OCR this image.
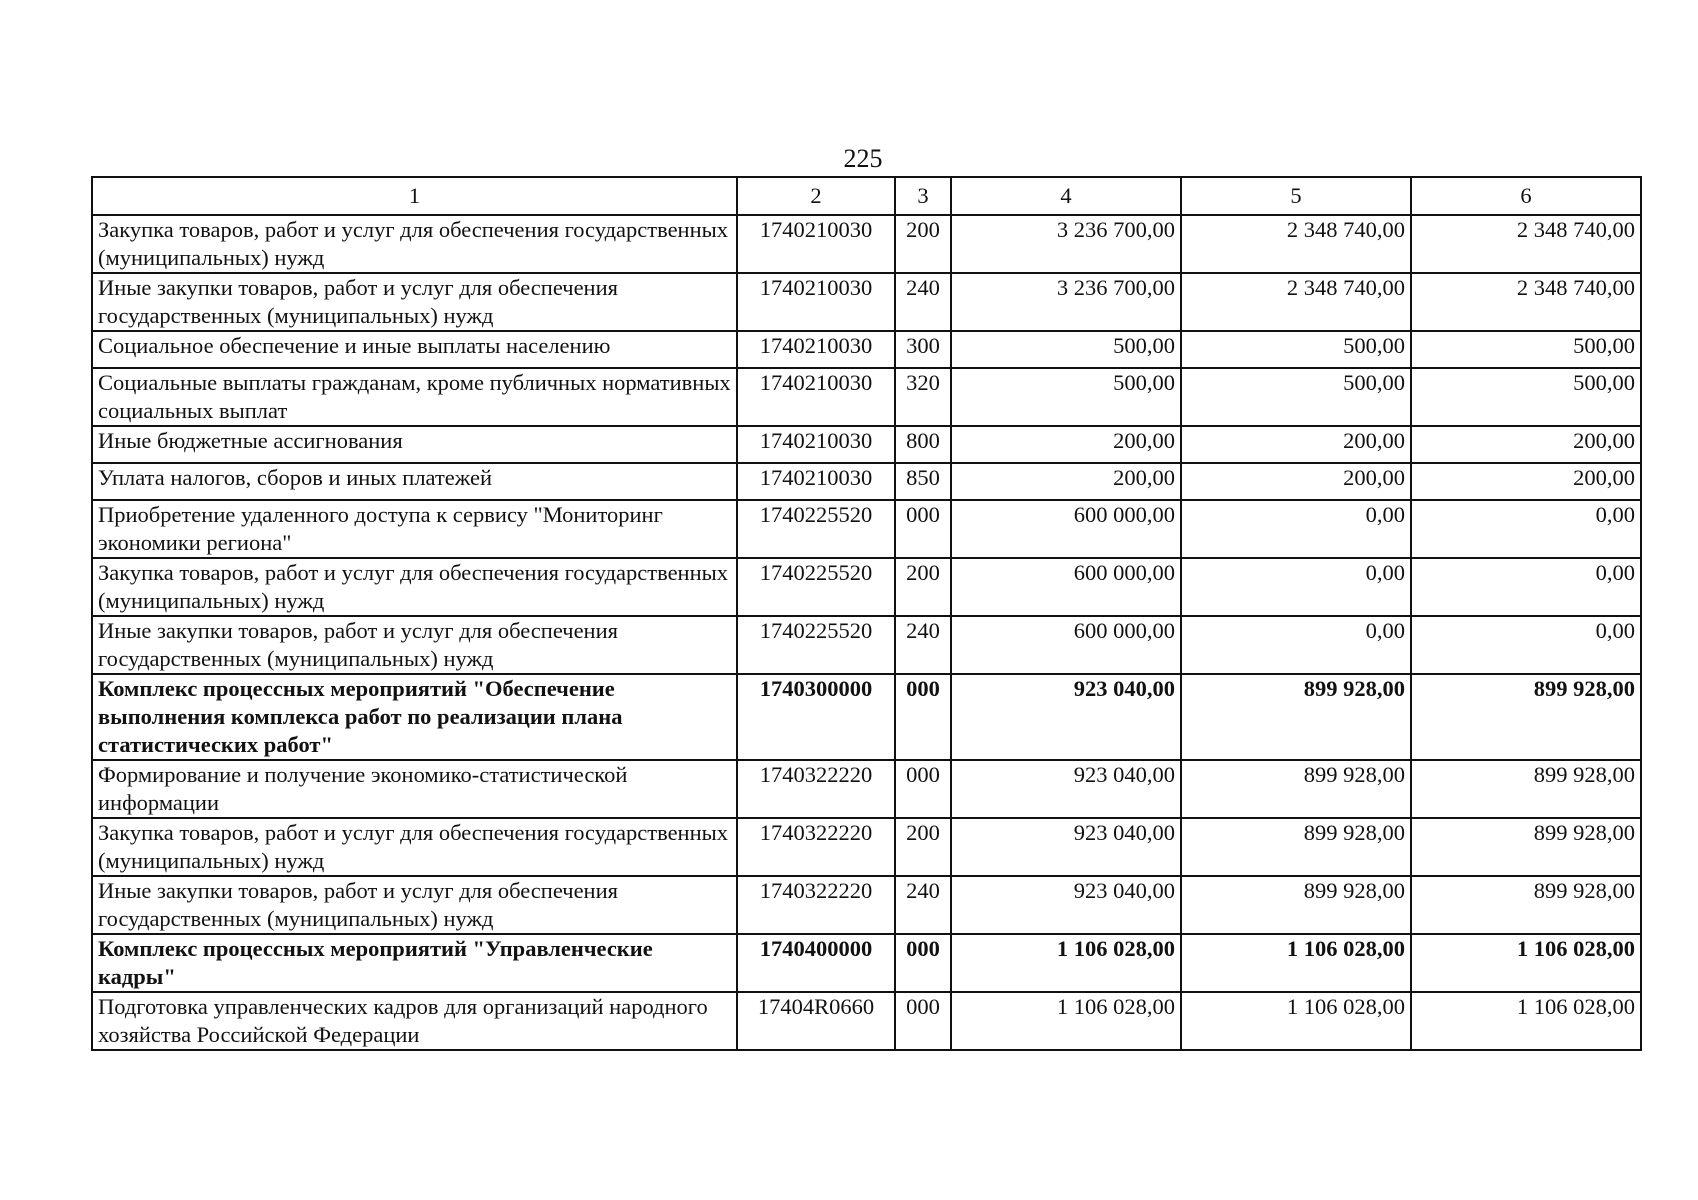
225
1	2	3	4	5	6
Закупка товаров, работ и услуг для обеспечения государственных (муниципальных) нужд	1740210030	200	3 236 700,00	2 348 740,00	2 348 740,00
Иные закупки товаров, работ и услуг для обеспечения государственных (муниципальных) нужд	1740210030	240	3 236 700,00	2 348 740,00	2 348 740,00
Социальное обеспечение и иные выплаты населению	1740210030	300	500,00	500,00	500,00
Социальные выплаты гражданам, кроме публичных нормативных социальных выплат	1740210030	320	500,00	500,00	500,00
Иные бюджетные ассигнования	1740210030	800	200,00	200,00	200,00
Уплата налогов, сборов и иных платежей	1740210030	850	200,00	200,00	200,00
Приобретение удаленного доступа к сервису "Мониторинг экономики региона"	1740225520	000	600 000,00	0,00	0,00
Закупка товаров, работ и услуг для обеспечения государственных (муниципальных) нужд	1740225520	200	600 000,00	0,00	0,00
Иные закупки товаров, работ и услуг для обеспечения государственных (муниципальных) нужд	1740225520	240	600 000,00	0,00	0,00
Комплекс процессных мероприятий "Обеспечение выполнения комплекса работ по реализации плана статистических работ"	1740300000	000	923 040,00	899 928,00	899 928,00
Формирование и получение экономико-статистической информации	1740322220	000	923 040,00	899 928,00	899 928,00
Закупка товаров, работ и услуг для обеспечения государственных (муниципальных) нужд	1740322220	200	923 040,00	899 928,00	899 928,00
Иные закупки товаров, работ и услуг для обеспечения государственных (муниципальных) нужд	1740322220	240	923 040,00	899 928,00	899 928,00
Комплекс процессных мероприятий "Управленческие кадры"	1740400000	000	1 106 028,00	1 106 028,00	1 106 028,00
Подготовка управленческих кадров для организаций народного хозяйства Российской Федерации	17404R0660	000	1 106 028,00	1 106 028,00	1 106 028,00
